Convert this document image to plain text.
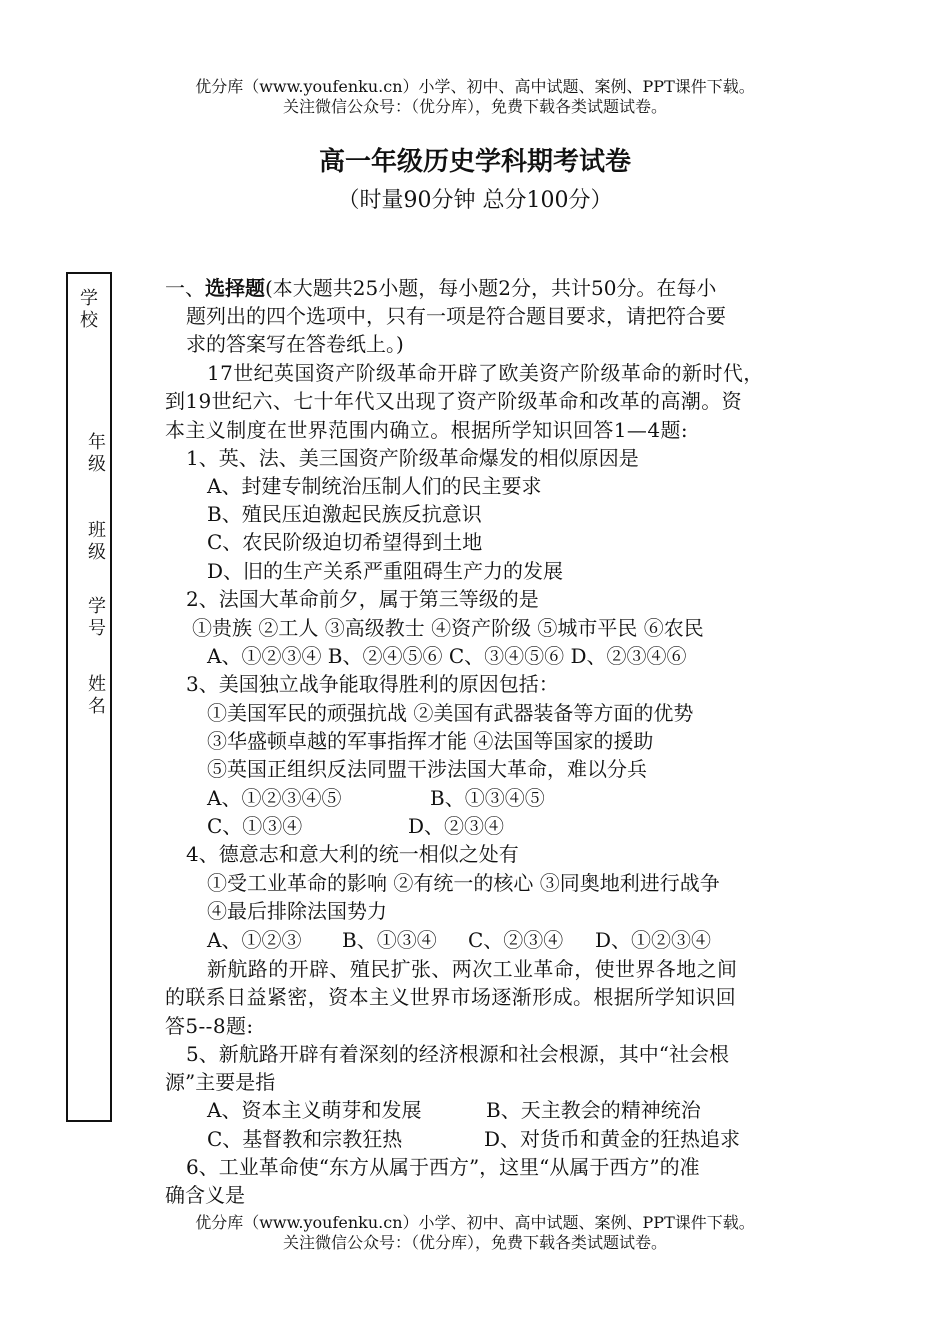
优分库（www.youfenku.cn）小学、初中、高中试题、案例、PPT课件下载。
关注微信公众号：（优分库），免费下载各类试题试卷。
高一年级历史学科期考试卷
（时量90分钟 总分100分）
学校
年级
班级
学号
姓名
一、选择题(本大题共25小题，每小题2分，共计50分。在每小
题列出的四个选项中，只有一项是符合题目要求，请把符合要
求的答案写在答卷纸上。)
17世纪英国资产阶级革命开辟了欧美资产阶级革命的新时代，
到19世纪六、七十年代又出现了资产阶级革命和改革的高潮。资
本主义制度在世界范围内确立。根据所学知识回答1—4题:
1、英、法、美三国资产阶级革命爆发的相似原因是
A、封建专制统治压制人们的民主要求
B、殖民压迫激起民族反抗意识
C、农民阶级迫切希望得到土地
D、旧的生产关系严重阻碍生产力的发展
2、法国大革命前夕，属于第三等级的是
①贵族 ②工人 ③高级教士 ④资产阶级 ⑤城市平民 ⑥农民
A、①②③④ B、②④⑤⑥ C、③④⑤⑥ D、②③④⑥
3、美国独立战争能取得胜利的原因包括：
①美国军民的顽强抗战 ②美国有武器装备等方面的优势
③华盛顿卓越的军事指挥才能 ④法国等国家的援助
⑤英国正组织反法同盟干涉法国大革命，难以分兵
A、①②③④⑤	B、①③④⑤
C、①③④	D、②③④
4、德意志和意大利的统一相似之处有
①受工业革命的影响 ②有统一的核心 ③同奥地利进行战争
④最后排除法国势力
A、①②③ B、①③④ C、②③④ D、①②③④
新航路的开辟、殖民扩张、两次工业革命，使世界各地之间
的联系日益紧密，资本主义世界市场逐渐形成。根据所学知识回
答5--8题:
5、新航路开辟有着深刻的经济根源和社会根源，其中“社会根
源”主要是指
A、资本主义萌芽和发展	B、天主教会的精神统治
C、基督教和宗教狂热	D、对货币和黄金的狂热追求
6、工业革命使“东方从属于西方”，这里“从属于西方”的准
确含义是
优分库（www.youfenku.cn）小学、初中、高中试题、案例、PPT课件下载。
关注微信公众号：（优分库），免费下载各类试题试卷。
